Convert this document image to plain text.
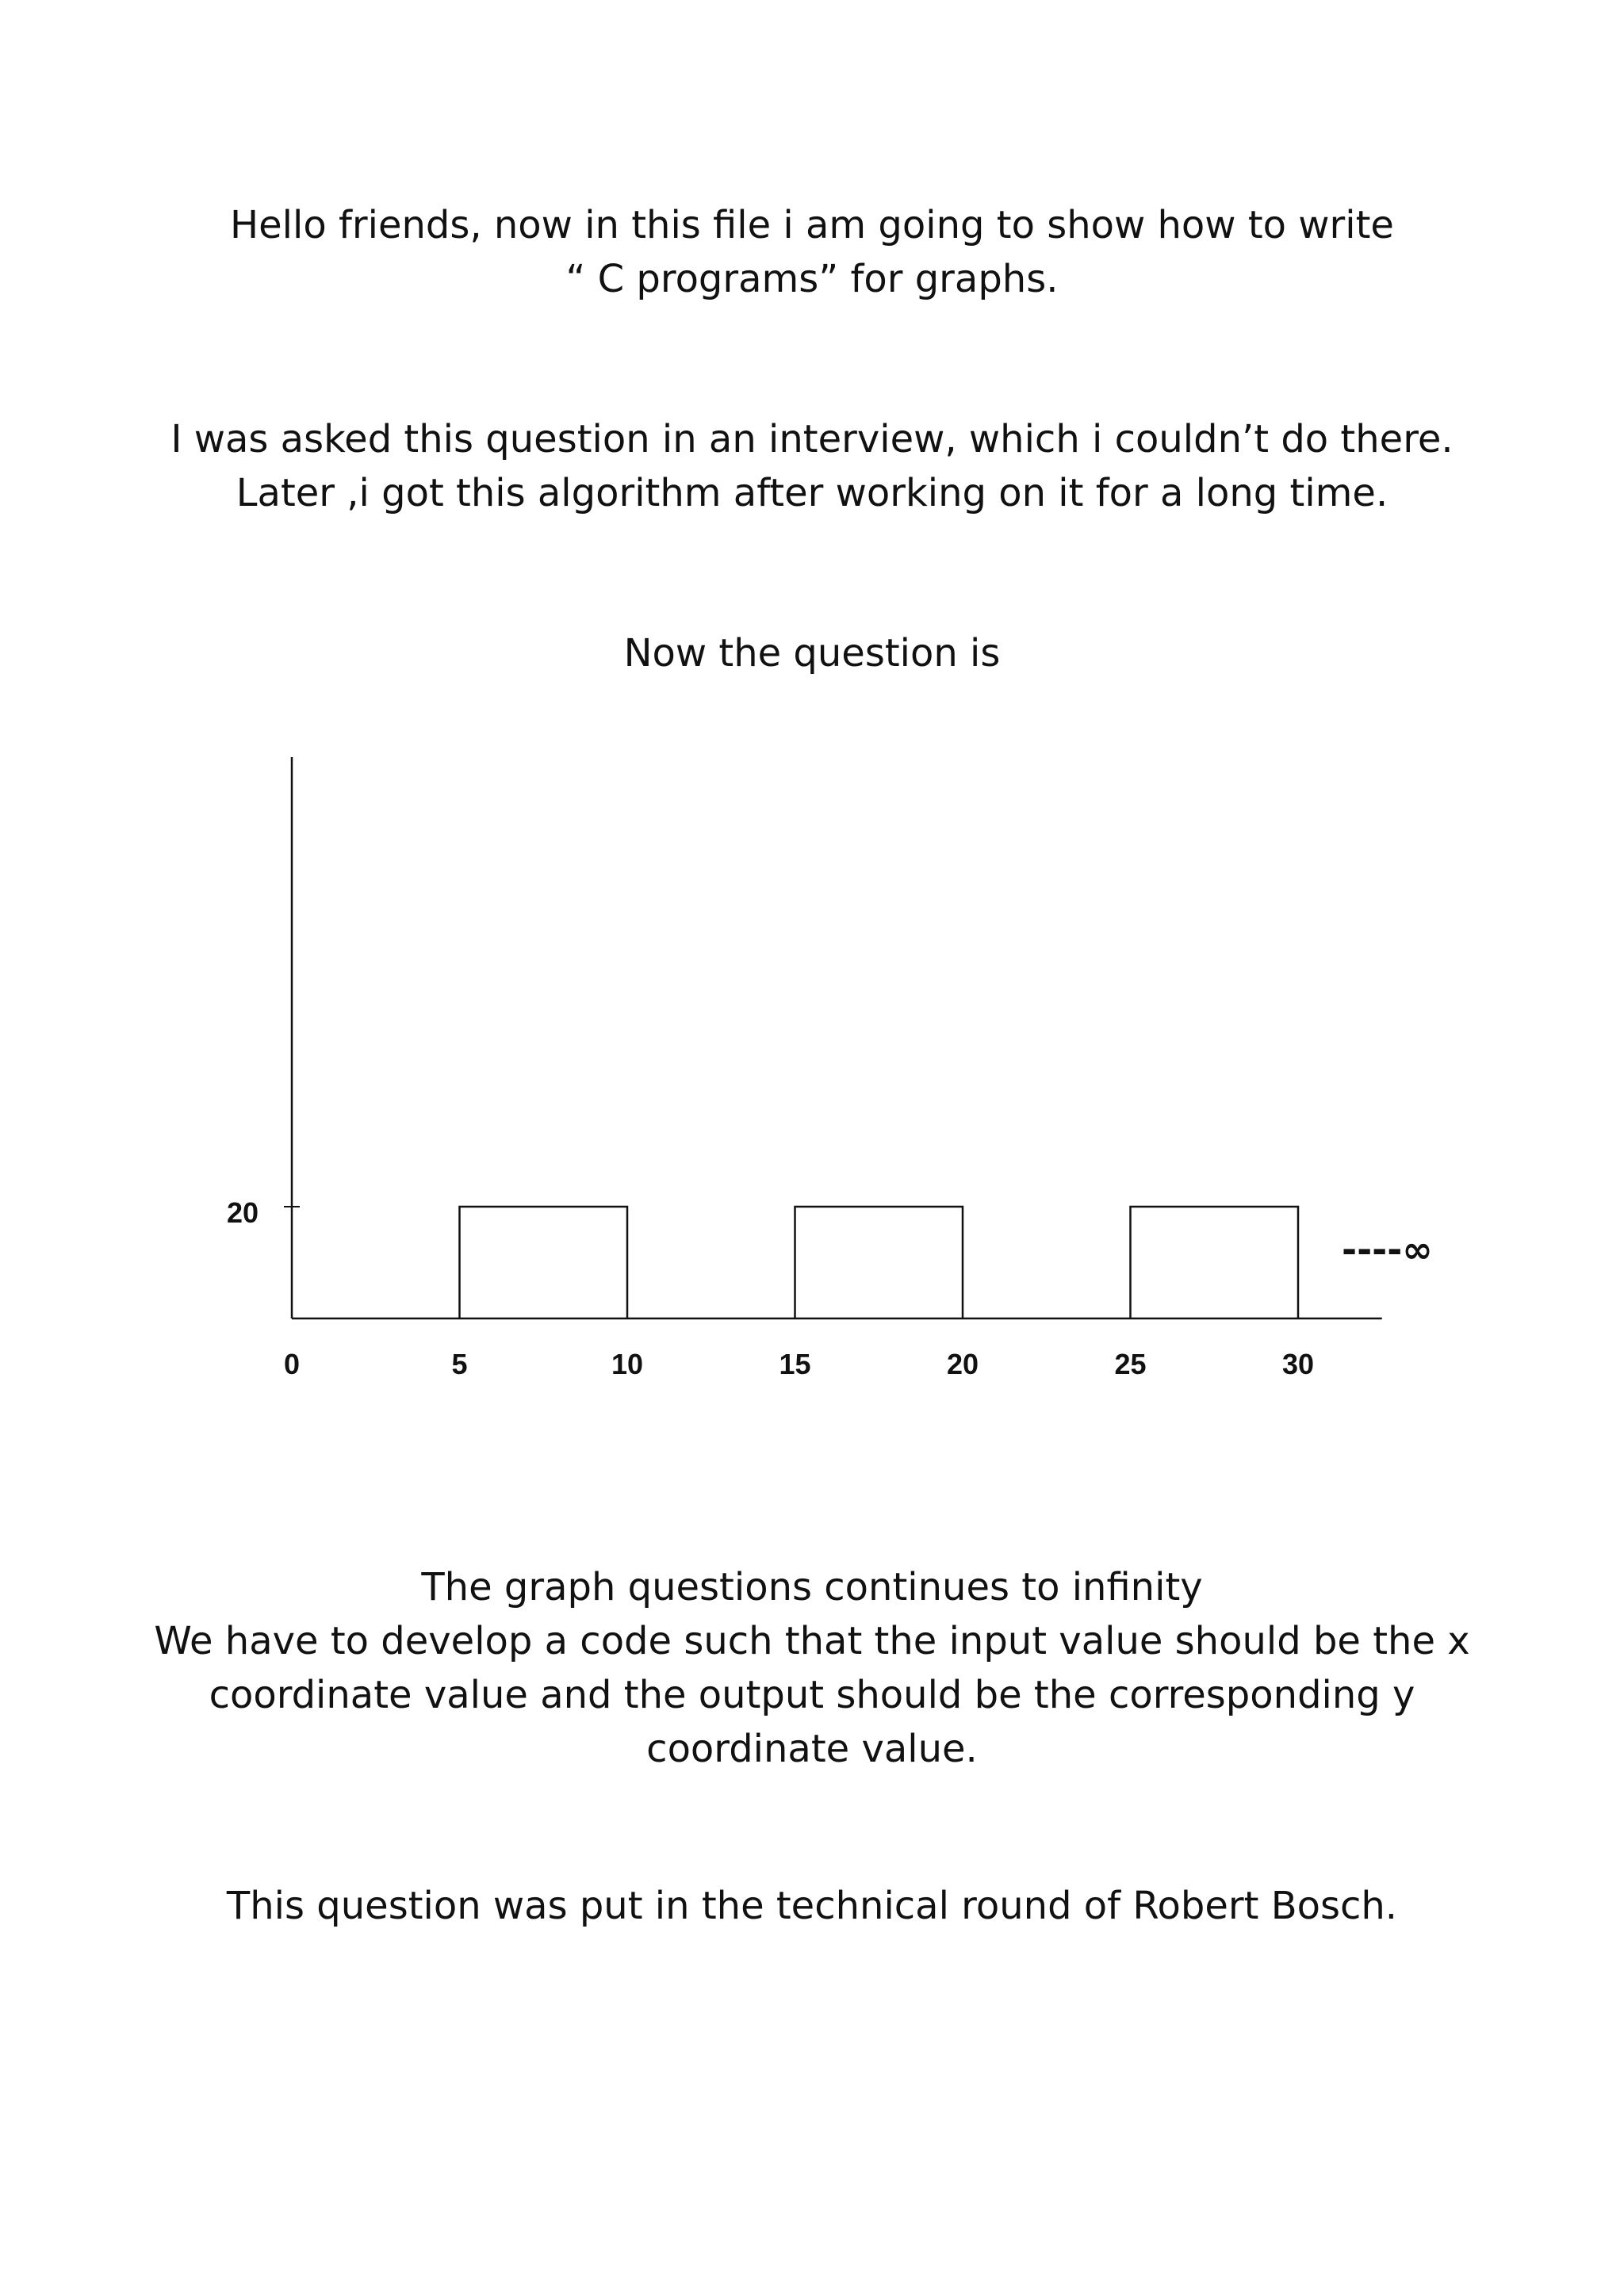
Hello friends, now in this file i am going to show how to write
“ C programs” for graphs.
I was asked this question in an interview, which i couldn’t do there.
Later ,i got this algorithm after working on it for a long time.
Now the question is
20
0	5	10	15	20	25	30
----∞
The graph questions continues to infinity
We have to develop a code such that the input value should be the x
coordinate value and the output should be the corresponding y
coordinate value.
This question was put in the technical round of Robert Bosch.
